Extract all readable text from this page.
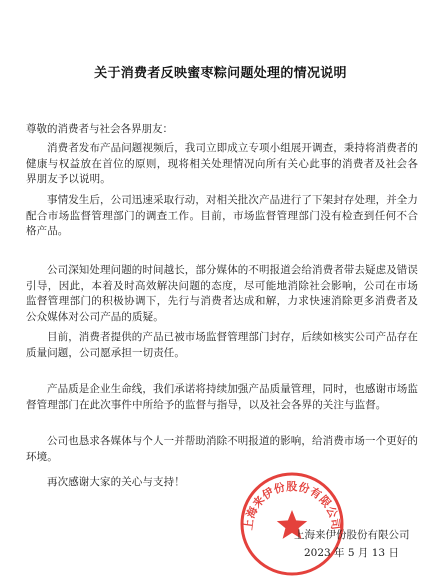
关于消费者反映蜜枣粽问题处理的情况说明

尊敬的消费者与社会各界朋友：

消费者发布产品问题视频后，我司立即成立专项小组展开调查，秉持将消费者的健康与权益放在首位的原则，现将相关处理情况向所有关心此事的消费者及社会各界朋友予以说明。

事情发生后，公司迅速采取行动，对相关批次产品进行了下架封存处理，并全力配合市场监督管理部门的调查工作。目前，市场监督管理部门没有检查到任何不合格产品。

公司深知处理问题的时间越长，部分媒体的不明报道会给消费者带去疑虑及错误引导，因此，本着及时高效解决问题的态度，尽可能地消除社会影响，公司在市场监督管理部门的积极协调下，先行与消费者达成和解，力求快速消除更多消费者及公众媒体对公司产品的质疑。

目前，消费者提供的产品已被市场监督管理部门封存，后续如核实公司产品存在质量问题，公司愿承担一切责任。

产品质是企业生命线，我们承诺将持续加强产品质量管理，同时，也感谢市场监督管理部门在此次事件中所给予的监督与指导，以及社会各界的关注与监督。

公司也恳求各媒体与个人一并帮助消除不明报道的影响，给消费市场一个更好的环境。

再次感谢大家的关心与支持！

上海来伊份股份有限公司

上海来伊份股份有限公司

2023 年 5 月 13 日
